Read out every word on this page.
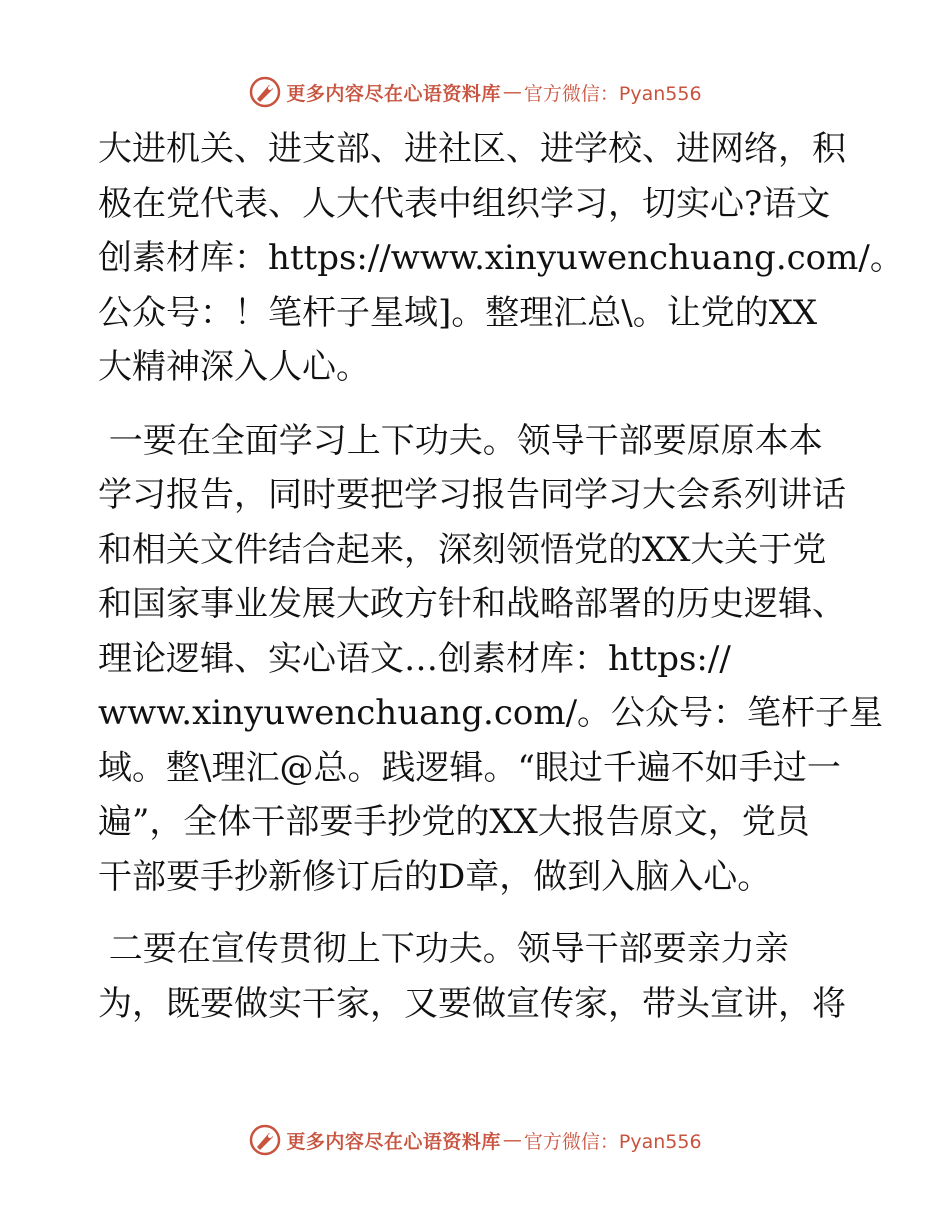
更多内容尽在心语资料库 — 官方微信：Pyan556
大进机关、进支部、进社区、进学校、进网络，积
极在党代表、人大代表中组织学习，切实心?语文
创素材库：https://www.xinyuwenchuang.com/。
公众号：！笔杆子星域]。整理汇总\。让党的XX
大精神深入人心。
一要在全面学习上下功夫。领导干部要原原本本
学习报告，同时要把学习报告同学习大会系列讲话
和相关文件结合起来，深刻领悟党的XX大关于党
和国家事业发展大政方针和战略部署的历史逻辑、
理论逻辑、实心语文…创素材库：https://
www.xinyuwenchuang.com/。公众号：笔杆子星
域。整\理汇@总。践逻辑。“眼过千遍不如手过一
遍”，全体干部要手抄党的XX大报告原文，党员
干部要手抄新修订后的D章，做到入脑入心。
二要在宣传贯彻上下功夫。领导干部要亲力亲
为，既要做实干家，又要做宣传家，带头宣讲，将
更多内容尽在心语资料库 — 官方微信：Pyan556
